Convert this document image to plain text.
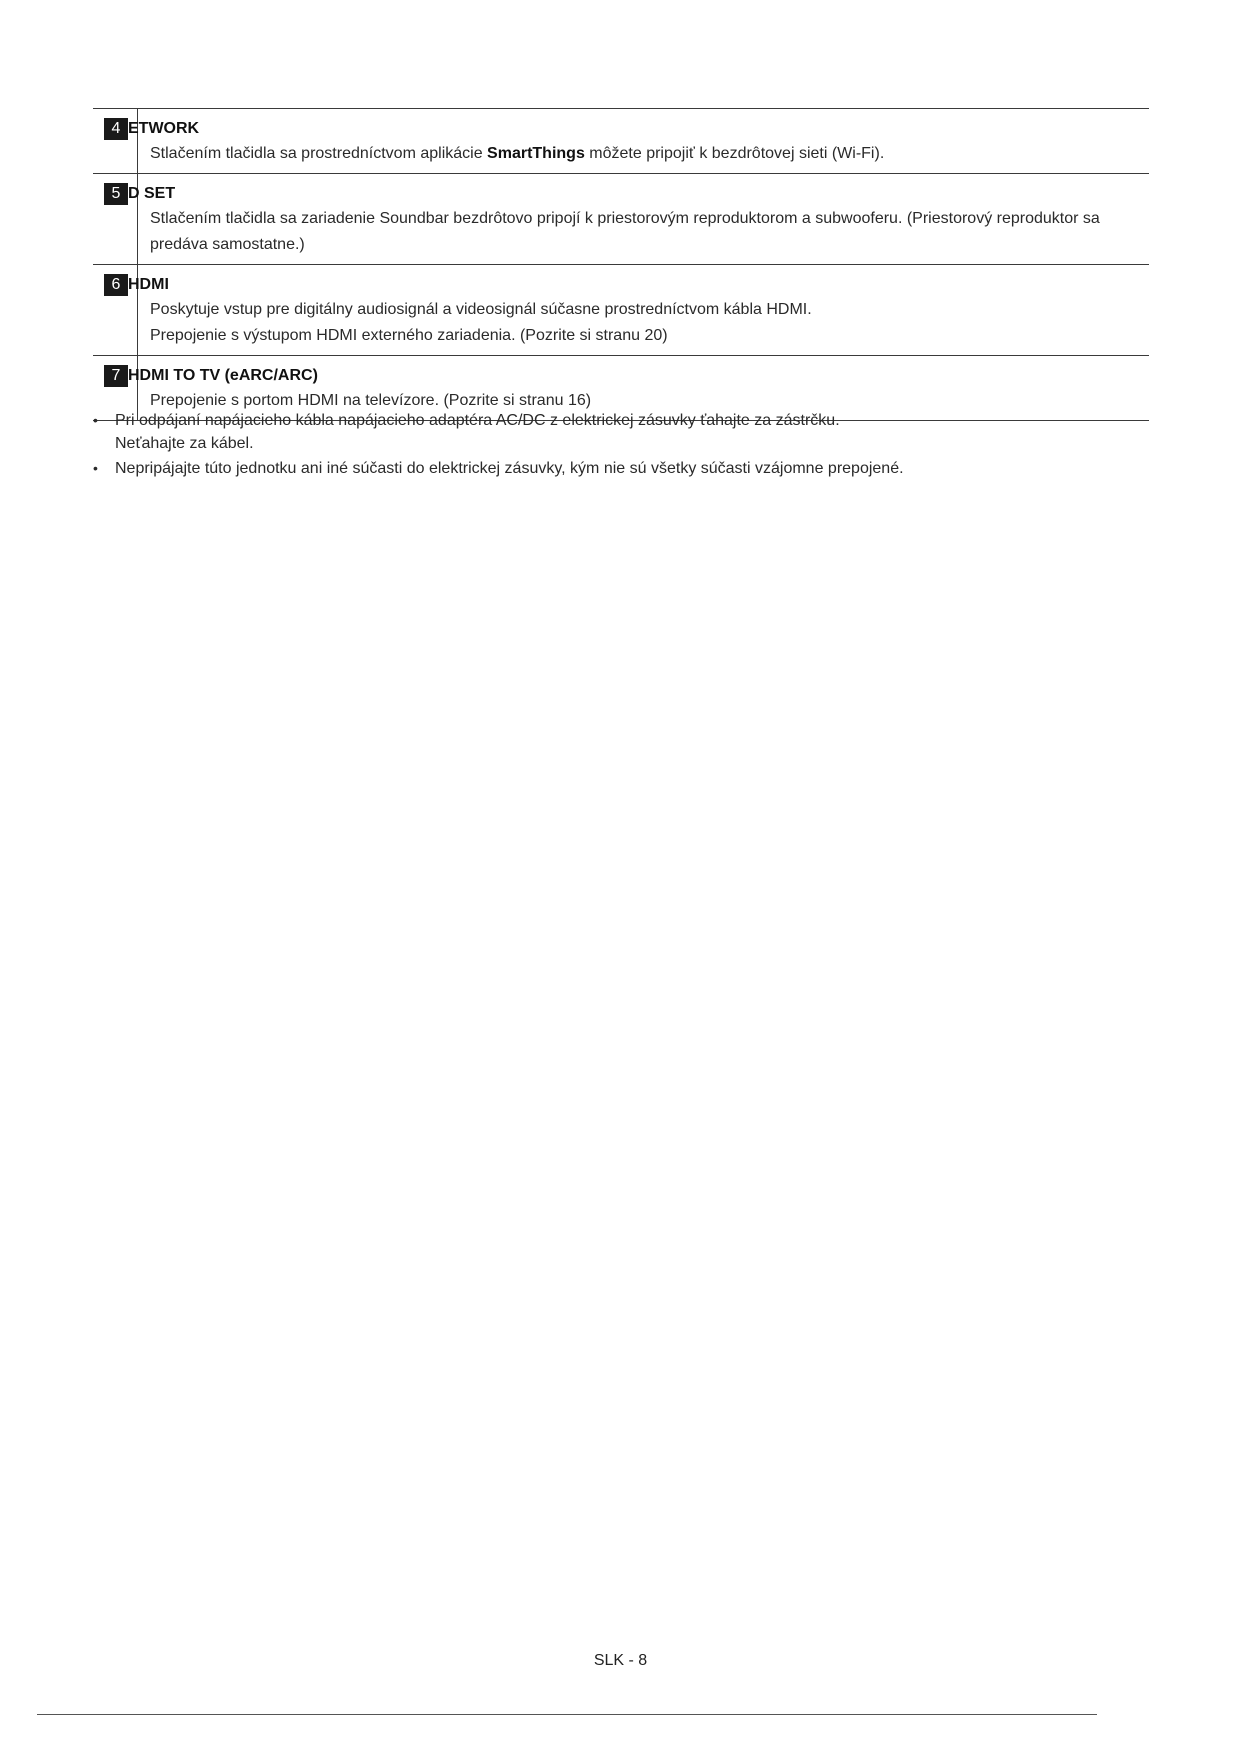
4 ETWORK

Stlačením tlačidla sa prostredníctvom aplikácie SmartThings môžete pripojiť k bezdrôtovej sieti (Wi-Fi).

5 D SET

Stlačením tlačidla sa zariadenie Soundbar bezdrôtovo pripojí k priestorovým reproduktorom a subwooferu. (Priestorový reproduktor sa predáva samostatne.)

6 HDMI

Poskytuje vstup pre digitálny audiosignál a videosignál súčasne prostredníctvom kábla HDMI.

Prepojenie s výstupom HDMI externého zariadenia. (Pozrite si stranu 20)

7 HDMI TO TV (eARC/ARC)

Prepojenie s portom HDMI na televízore. (Pozrite si stranu 16)

• Pri odpájaní napájacieho kábla napájacieho adaptéra AC/DC z elektrickej zásuvky ťahajte za zástrčku.
Neťahajte za kábel.
• Nepripájajte túto jednotku ani iné súčasti do elektrickej zásuvky, kým nie sú všetky súčasti vzájomne prepojené.
SLK - 8
